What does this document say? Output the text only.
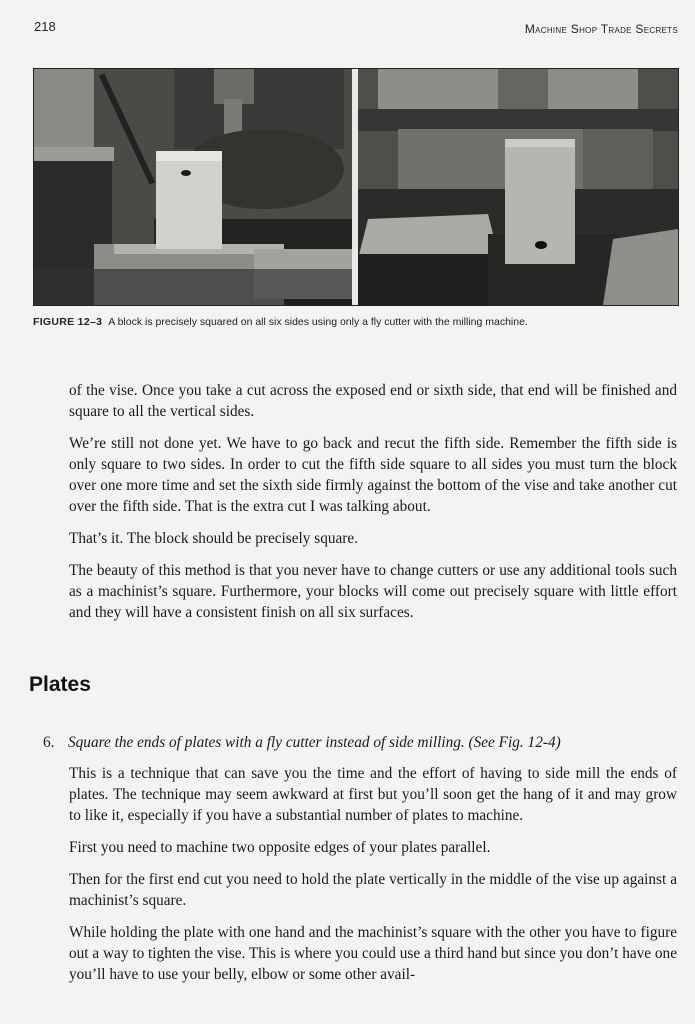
218	Machine Shop Trade Secrets
FIGURE 12–3 A block is precisely squared on all six sides using only a fly cutter with the milling machine.

of the vise. Once you take a cut across the exposed end or sixth side, that end will be finished and square to all the vertical sides.

We’re still not done yet. We have to go back and recut the fifth side. Remember the fifth side is only square to two sides. In order to cut the fifth side square to all sides you must turn the block over one more time and set the sixth side firmly against the bottom of the vise and take another cut over the fifth side. That is the extra cut I was talking about.

That’s it. The block should be precisely square.

The beauty of this method is that you never have to change cutters or use any additional tools such as a machinist’s square. Furthermore, your blocks will come out precisely square with little effort and they will have a consistent finish on all six surfaces.

Plates
6. Square the ends of plates with a fly cutter instead of side milling. (See Fig. 12-4)

This is a technique that can save you the time and the effort of having to side mill the ends of plates. The technique may seem awkward at first but you’ll soon get the hang of it and may grow to like it, especially if you have a substantial number of plates to machine.

First you need to machine two opposite edges of your plates parallel.

Then for the first end cut you need to hold the plate vertically in the middle of the vise up against a machinist’s square.

While holding the plate with one hand and the machinist’s square with the other you have to figure out a way to tighten the vise. This is where you could use a third hand but since you don’t have one you’ll have to use your belly, elbow or some other avail-
